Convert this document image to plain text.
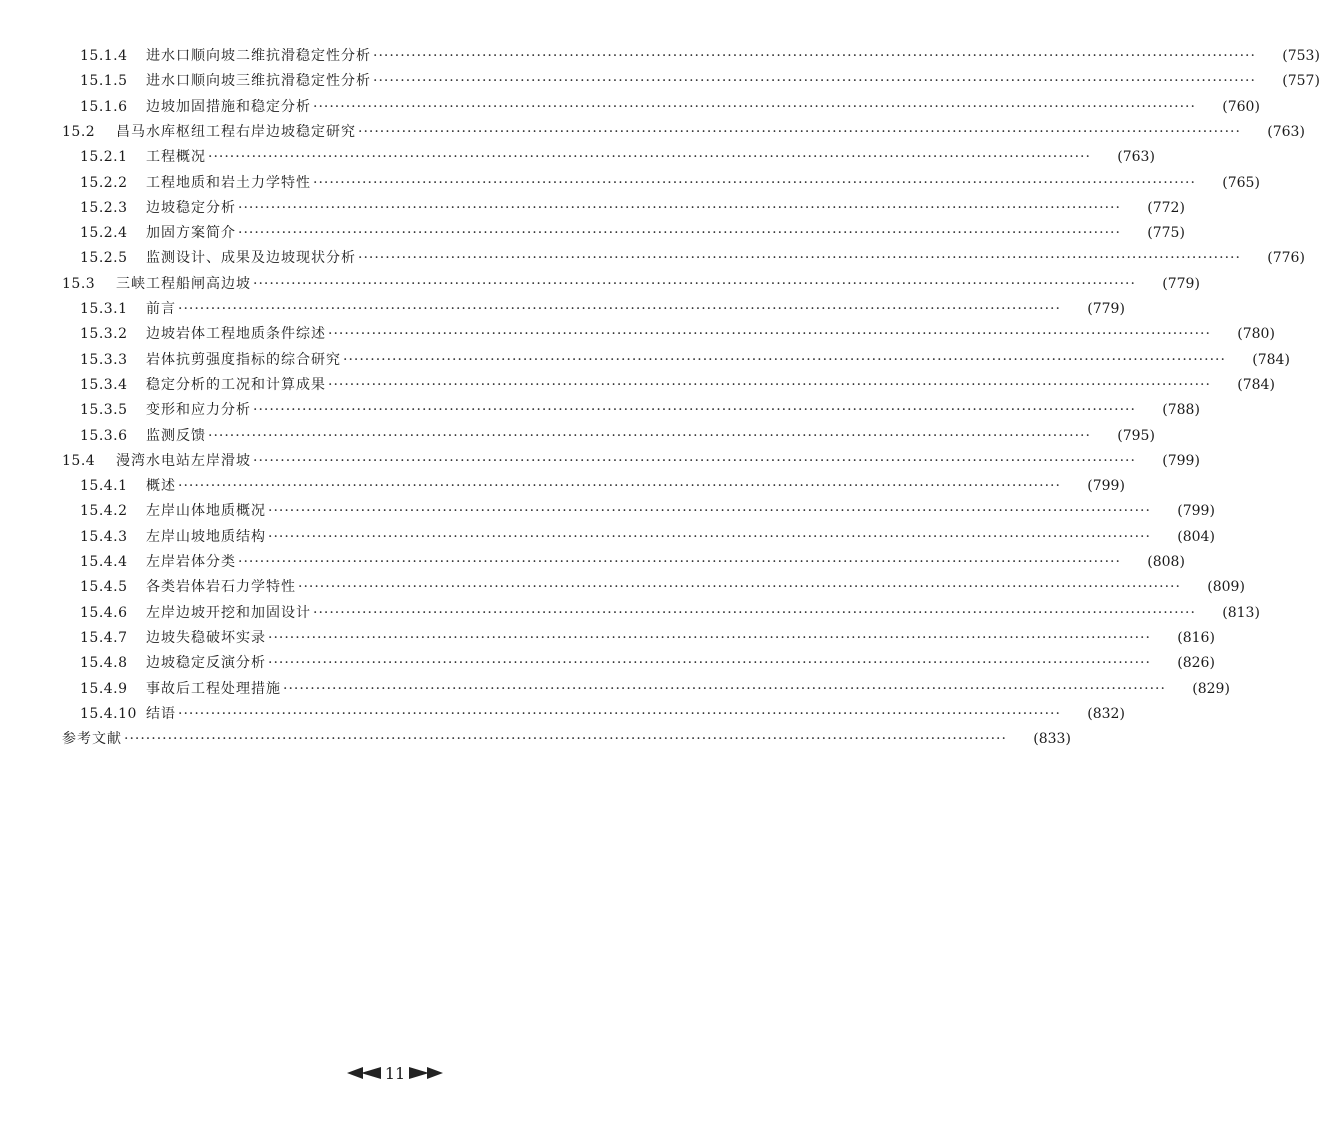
15.1.4	进水口顺向坡二维抗滑稳定性分析 ·····	(753)
15.1.5	进水口顺向坡三维抗滑稳定性分析 ·····	(757)
15.1.6	边坡加固措施和稳定分析 ·····	(760)
15.2	昌马水库枢纽工程右岸边坡稳定研究 ·····	(763)
15.2.1	工程概况 ·····	(763)
15.2.2	工程地质和岩土力学特性 ·····	(765)
15.2.3	边坡稳定分析 ·····	(772)
15.2.4	加固方案简介 ·····	(775)
15.2.5	监测设计、成果及边坡现状分析 ·····	(776)
15.3	三峡工程船闸高边坡 ·····	(779)
15.3.1	前言 ·····	(779)
15.3.2	边坡岩体工程地质条件综述 ·····	(780)
15.3.3	岩体抗剪强度指标的综合研究 ·····	(784)
15.3.4	稳定分析的工况和计算成果 ·····	(784)
15.3.5	变形和应力分析 ·····	(788)
15.3.6	监测反馈 ·····	(795)
15.4	漫湾水电站左岸滑坡 ·····	(799)
15.4.1	概述 ·····	(799)
15.4.2	左岸山体地质概况 ·····	(799)
15.4.3	左岸山坡地质结构 ·····	(804)
15.4.4	左岸岩体分类 ·····	(808)
15.4.5	各类岩体岩石力学特性 ·····	(809)
15.4.6	左岸边坡开挖和加固设计 ·····	(813)
15.4.7	边坡失稳破坏实录 ·····	(816)
15.4.8	边坡稳定反演分析 ·····	(826)
15.4.9	事故后工程处理措施 ·····	(829)
15.4.10 结语 ·····	(832)
参考文献 ·····	(833)
11
